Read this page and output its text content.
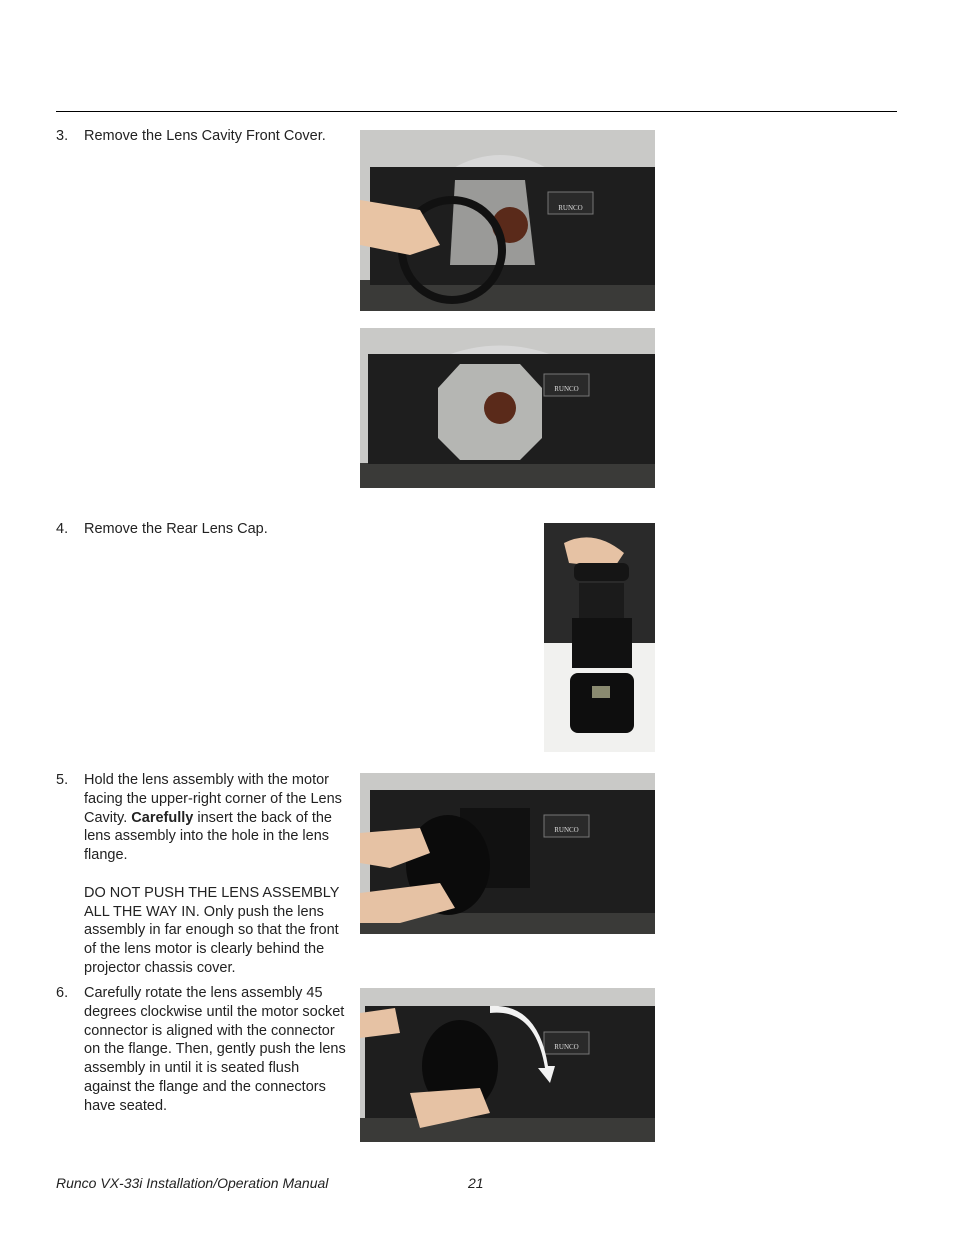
3. Remove the Lens Cavity Front Cover.

RUNCO
RUNCO
4. Remove the Rear Lens Cap.

5. Hold the lens assembly with the motor facing the upper-right corner of the Lens Cavity. Carefully insert the back of the lens assembly into the hole in the lens flange.

DO NOT PUSH THE LENS ASSEMBLY ALL THE WAY IN. Only push the lens assembly in far enough so that the front of the lens motor is clearly behind the projector chassis cover.

RUNCO
6. Carefully rotate the lens assembly 45 degrees clockwise until the motor socket connector is aligned with the connector on the flange. Then, gently push the lens assembly in until it is seated flush against the flange and the connectors have seated.

RUNCO
Runco VX-33i Installation/Operation Manual	21
